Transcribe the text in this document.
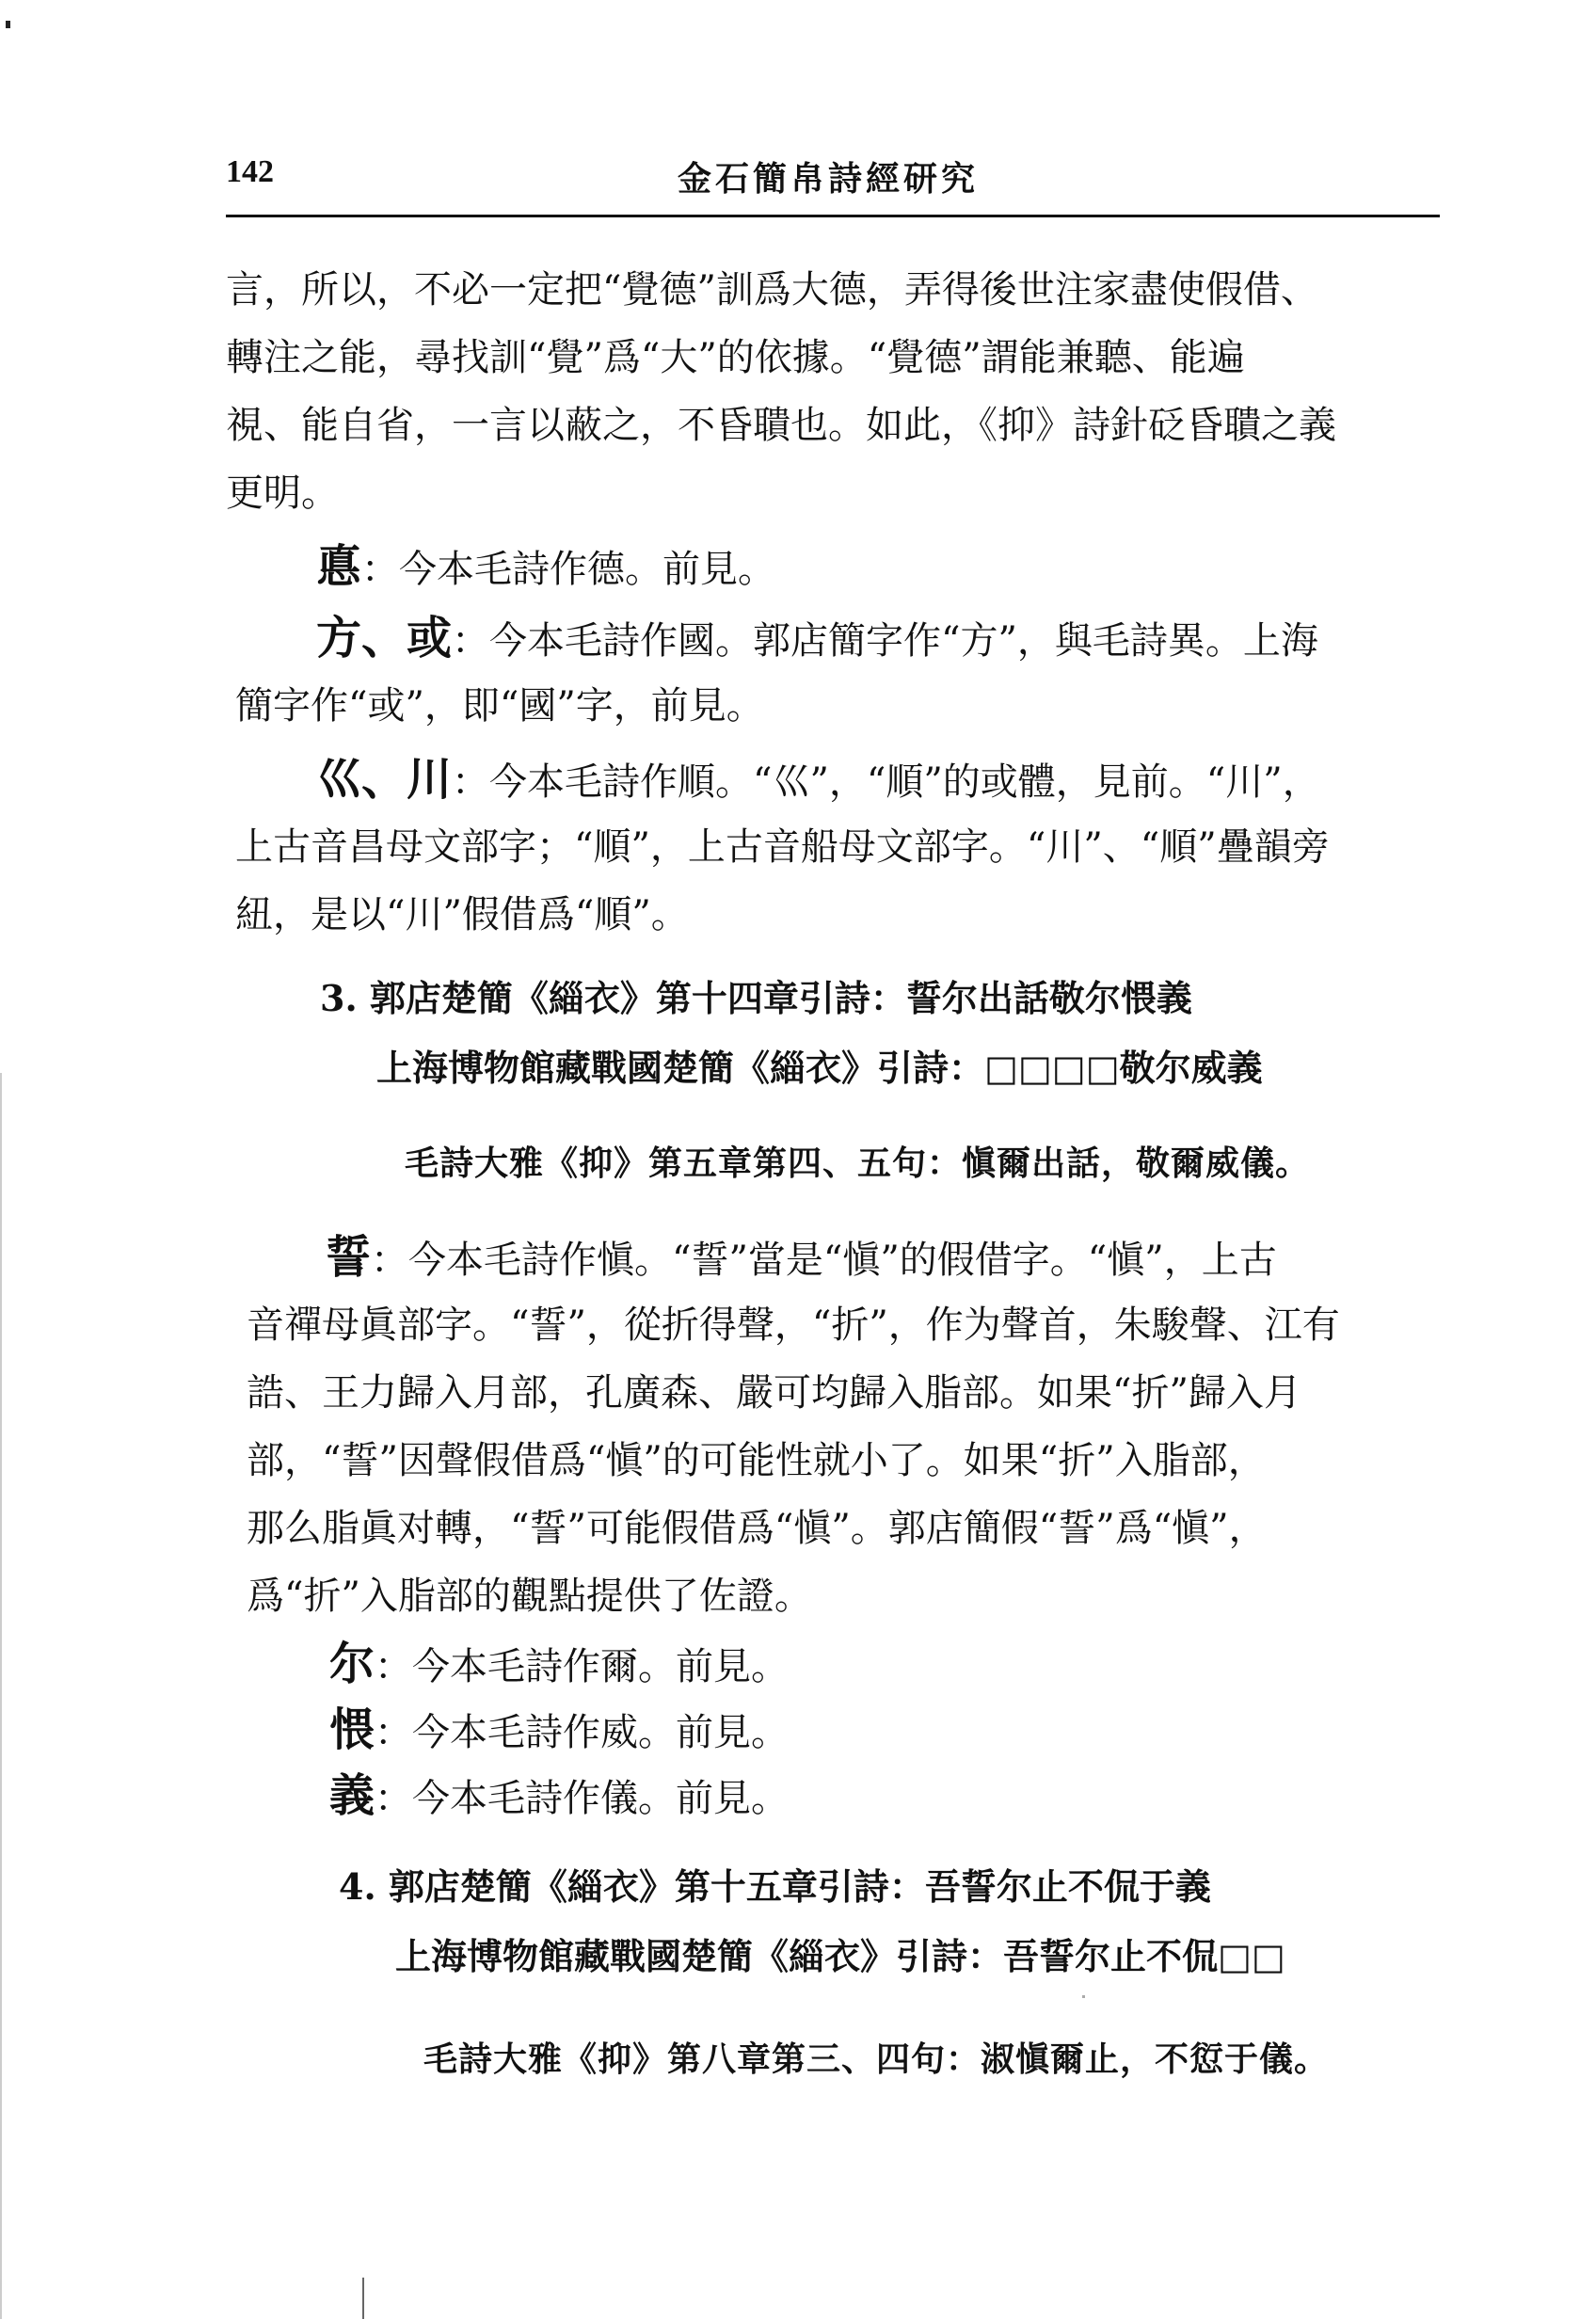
142	金石簡帛詩經研究
言，所以，不必一定把“覺德”訓爲大德，弄得後世注家盡使假借、
轉注之能，尋找訓“覺”爲“大”的依據。“覺德”謂能兼聽、能遍
視、能自省，一言以蔽之，不昏聵也。如此，《抑》詩針砭昏聵之義
更明。
悳：今本毛詩作德。前見。
方、或：今本毛詩作國。郭店簡字作“方”，與毛詩異。上海
簡字作“或”，即“國”字，前見。
巛、川：今本毛詩作順。“巛”，“順”的或體，見前。“川”，
上古音昌母文部字；“順”，上古音船母文部字。“川”、“順”疊韻旁
紐，是以“川”假借爲“順”。
3. 郭店楚簡《緇衣》第十四章引詩：誓尔出話敬尔愄義
上海博物館藏戰國楚簡《緇衣》引詩：□□□□敬尔威義
毛詩大雅《抑》第五章第四、五句：愼爾出話，敬爾威儀。
誓：今本毛詩作愼。“誓”當是“愼”的假借字。“愼”，上古
音禪母眞部字。“誓”，從折得聲，“折”，作为聲首，朱駿聲、江有
誥、王力歸入月部，孔廣森、嚴可均歸入脂部。如果“折”歸入月
部，“誓”因聲假借爲“愼”的可能性就小了。如果“折”入脂部，
那么脂眞对轉，“誓”可能假借爲“愼”。郭店簡假“誓”爲“愼”，
爲“折”入脂部的觀點提供了佐證。
尔：今本毛詩作爾。前見。
愄：今本毛詩作威。前見。
義：今本毛詩作儀。前見。
4. 郭店楚簡《緇衣》第十五章引詩：吾誓尔止不侃于義
上海博物館藏戰國楚簡《緇衣》引詩：吾誓尔止不侃□□
毛詩大雅《抑》第八章第三、四句：淑愼爾止，不愆于儀。
